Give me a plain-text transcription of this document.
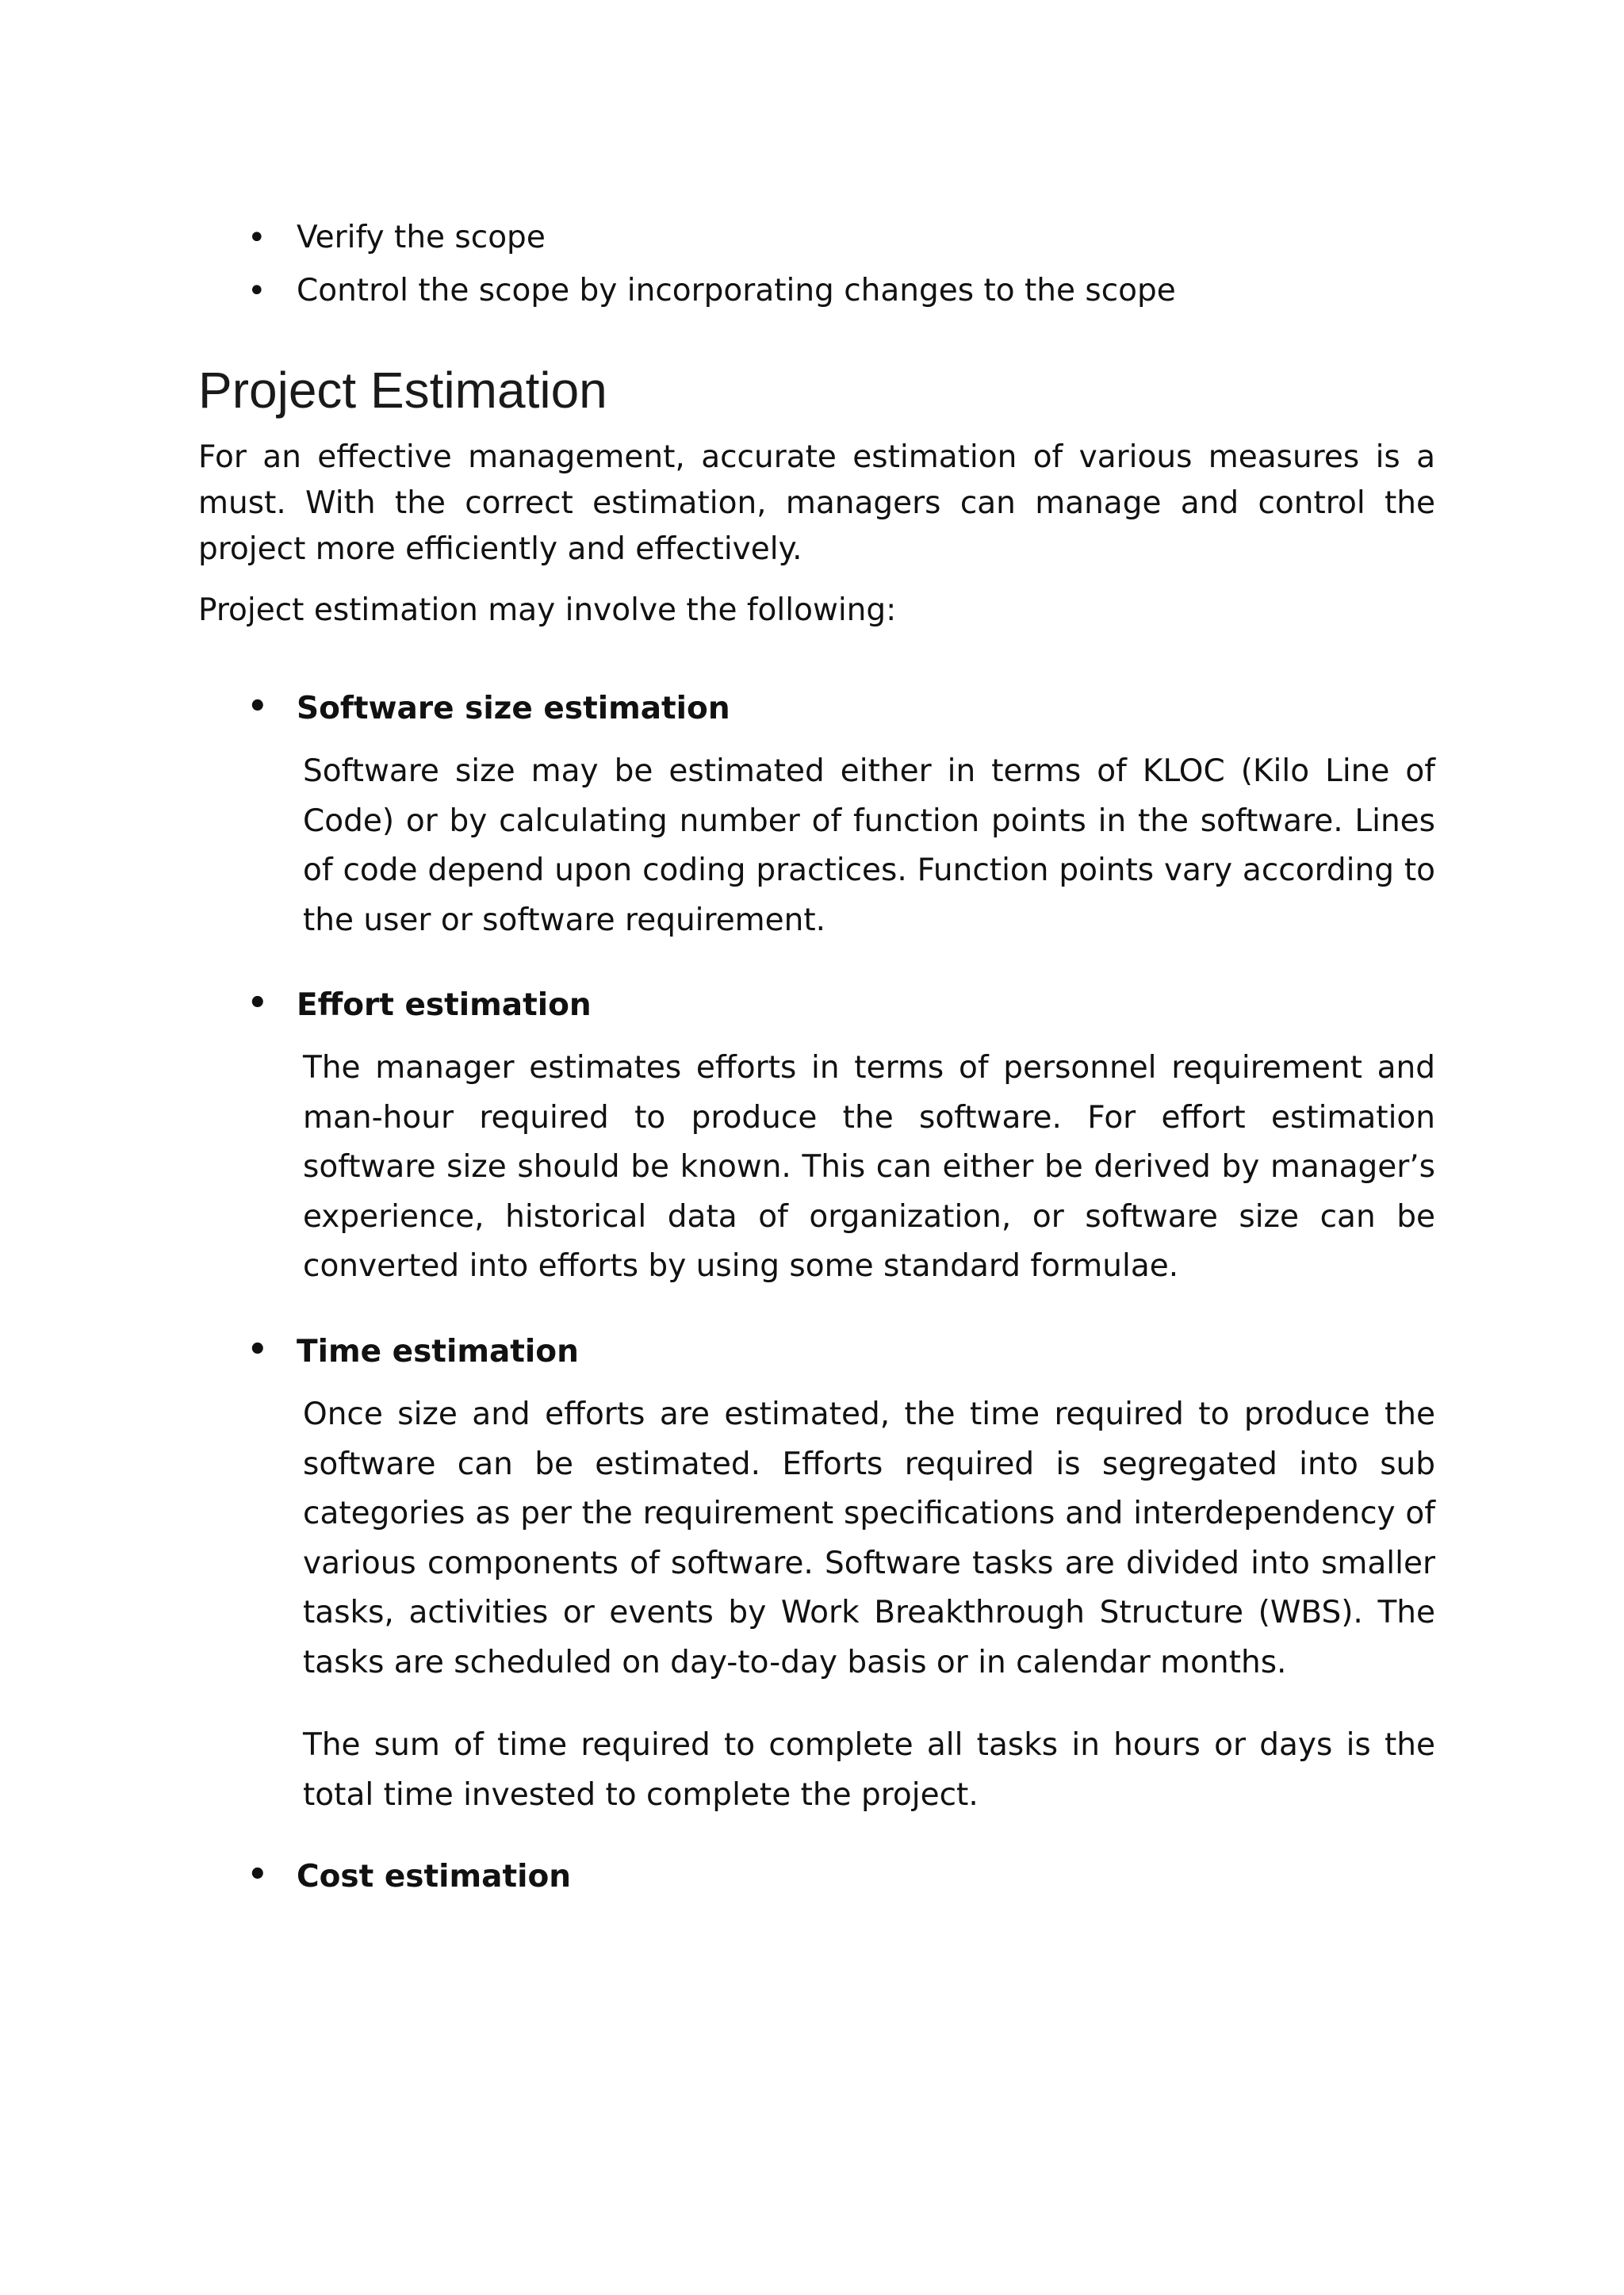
• Verify the scope
• Control the scope by incorporating changes to the scope
Project Estimation

For an effective management, accurate estimation of various measures is a must. With the correct estimation, managers can manage and control the project more efficiently and effectively.

Project estimation may involve the following:

• Software size estimation

Software size may be estimated either in terms of KLOC (Kilo Line of Code) or by calculating number of function points in the software. Lines of code depend upon coding practices. Function points vary according to the user or software requirement.

• Effort estimation

The manager estimates efforts in terms of personnel requirement and man-hour required to produce the software. For effort estimation software size should be known. This can either be derived by manager’s experience, historical data of organization, or software size can be converted into efforts by using some standard formulae.

• Time estimation

Once size and efforts are estimated, the time required to produce the software can be estimated. Efforts required is segregated into sub categories as per the requirement specifications and interdependency of various components of software. Software tasks are divided into smaller tasks, activities or events by Work Breakthrough Structure (WBS). The tasks are scheduled on day-to-day basis or in calendar months.

The sum of time required to complete all tasks in hours or days is the total time invested to complete the project.

• Cost estimation
